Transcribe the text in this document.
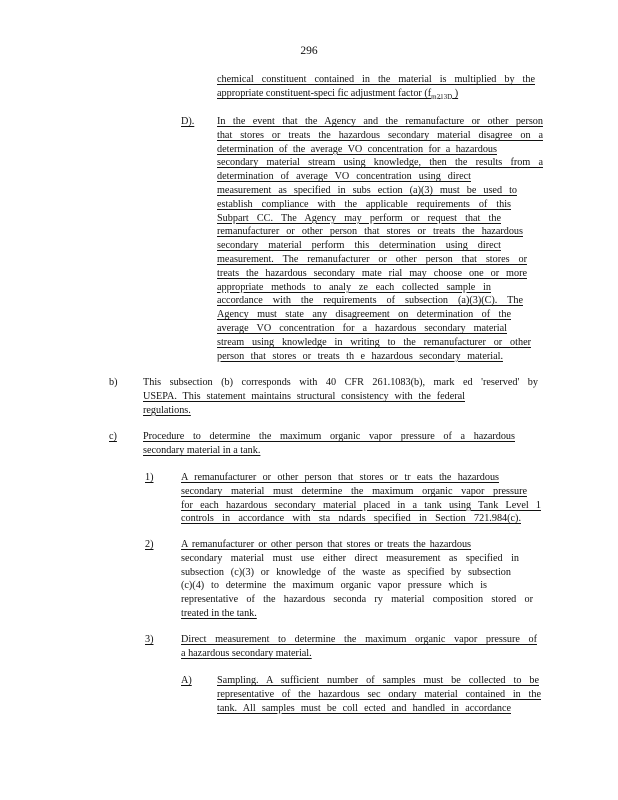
296
chemical constituent contained in the material is multiplied by the
appropriate constituent-speci fic adjustment factor ($f_{m213D}$ )
D). In the event that the Agency and the remanufacture or other person
that stores or treats the hazardous secondary material disagree on a
determination of the average VO concentration for a hazardous
secondary material stream using knowledge, then the results from a
determination of average VO concentration using direct
measurement as specified in subs ection (a)(3) must be used to
establish compliance with the applicable requirements of this
Subpart CC. The Agency may perform or request that the
remanufacturer or other person that stores or treats the hazardous
secondary material perform this determination using direct
measurement. The remanufacturer or other person that stores or
treats the hazardous secondary mate rial may choose one or more
appropriate methods to analy ze each collected sample in
accordance with the requirements of subsection (a)(3)(C). The
Agency must state any disagreement on determination of the
average VO concentration for a hazardous secondary material
stream using knowledge in writing to the remanufacturer or other
person that stores or treats th e hazardous secondary material.
b)	This subsection (b) corresponds with 40 CFR 261.1083(b), mark ed 'reserved' by
USEPA. This statement maintains structural consistency with the federal
regulations.
c)	Procedure to determine the maximum organic vapor pressure of a hazardous
secondary material in a tank.
1)	A remanufacturer or other person that stores or tr eats the hazardous
secondary material must determine the maximum organic vapor pressure
for each hazardous secondary material placed in a tank using Tank Level 1
controls in accordance with sta ndards specified in Section 721.984(c).
2)	A remanufacturer or other person that stores or treats the hazardous
secondary material must use either direct measurement as specified in
subsection (c)(3) or knowledge of the waste as specified by subsection
(c)(4) to determine the maximum organic vapor pressure which is
representative of the hazardous seconda ry material composition stored or
treated in the tank.
3)	Direct measurement to determine the maximum organic vapor pressure of
a hazardous secondary material.
A) Sampling. A sufficient number of samples must be collected to be
representative of the hazardous sec ondary material contained in the
tank. All samples must be coll ected and handled in accordance
